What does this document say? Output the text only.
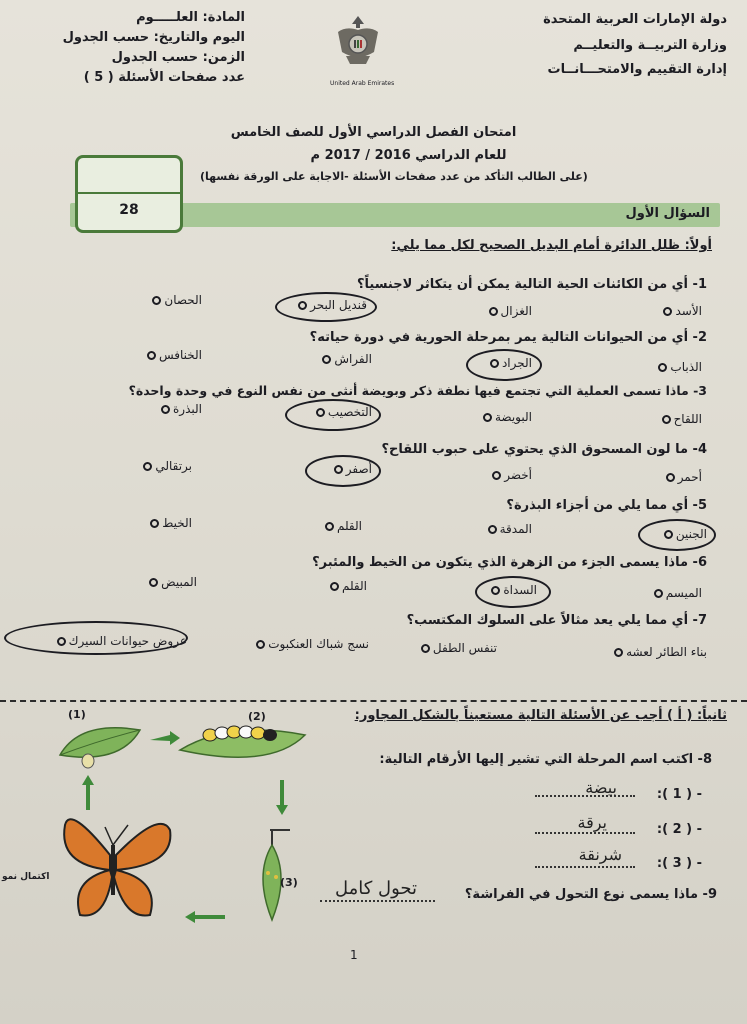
دولة الإمارات العربية المتحدة
وزارة التربيــة والتعليــم
إدارة التقييم والامتحـــانــات
United Arab Emirates
المادة: العلـــــوم
اليوم والتاريخ: حسب الجدول
الزمن: حسب الجدول
عدد صفحات الأسئلة ( 5 )
امتحان الفصل الدراسي الأول للصف الخامس
للعام الدراسي 2016 / 2017 م
(على الطالب التأكد من عدد صفحات الأسئلة -الاجابة على الورقة نفسها)
السؤال الأول
28
أولاً: ظلل الدائرة أمام البديل الصحيح لكل مما يلي:
1- أي من الكائنات الحية التالية يمكن أن يتكاثر لاجنسياً؟
الأسد
الغزال
قنديل البحر
الحصان
2- أي من الحيوانات التالية يمر بمرحلة الحورية في دورة حياته؟
الذباب
الجراد
الفراش
الخنافس
3- ماذا تسمى العملية التي تجتمع فيها نطفة ذكر وبويضة أنثى من نفس النوع في وحدة واحدة؟
اللقاح
البويضة
التخصيب
البذرة
4- ما لون المسحوق الذي يحتوي على حبوب اللقاح؟
أحمر
أخضر
أصفر
برتقالي
5- أي مما يلي من أجزاء البذرة؟
الجنين
المدقة
القلم
الخيط
6- ماذا يسمى الجزء من الزهرة الذي يتكون من الخيط والمئبر؟
الميسم
السداة
القلم
المبيض
7- أي مما يلي يعد مثالاً على السلوك المكتسب؟
بناء الطائر لعشه
تنفس الطفل
نسج شباك العنكبوت
عروض حيوانات السيرك
ثانياً: ( أ ) أجب عن الأسئلة التالية مستعيناً بالشكل المجاور:
8- اكتب اسم المرحلة التي تشير إليها الأرقام التالية:
- ( 1 ):
بيضة
- ( 2 ):
يرقة
- ( 3 ):
شرنقة
9- ماذا يسمى نوع التحول في الفراشة؟
تحول كامل
(1)	(2)
(3)
اكتمال نمو
1
